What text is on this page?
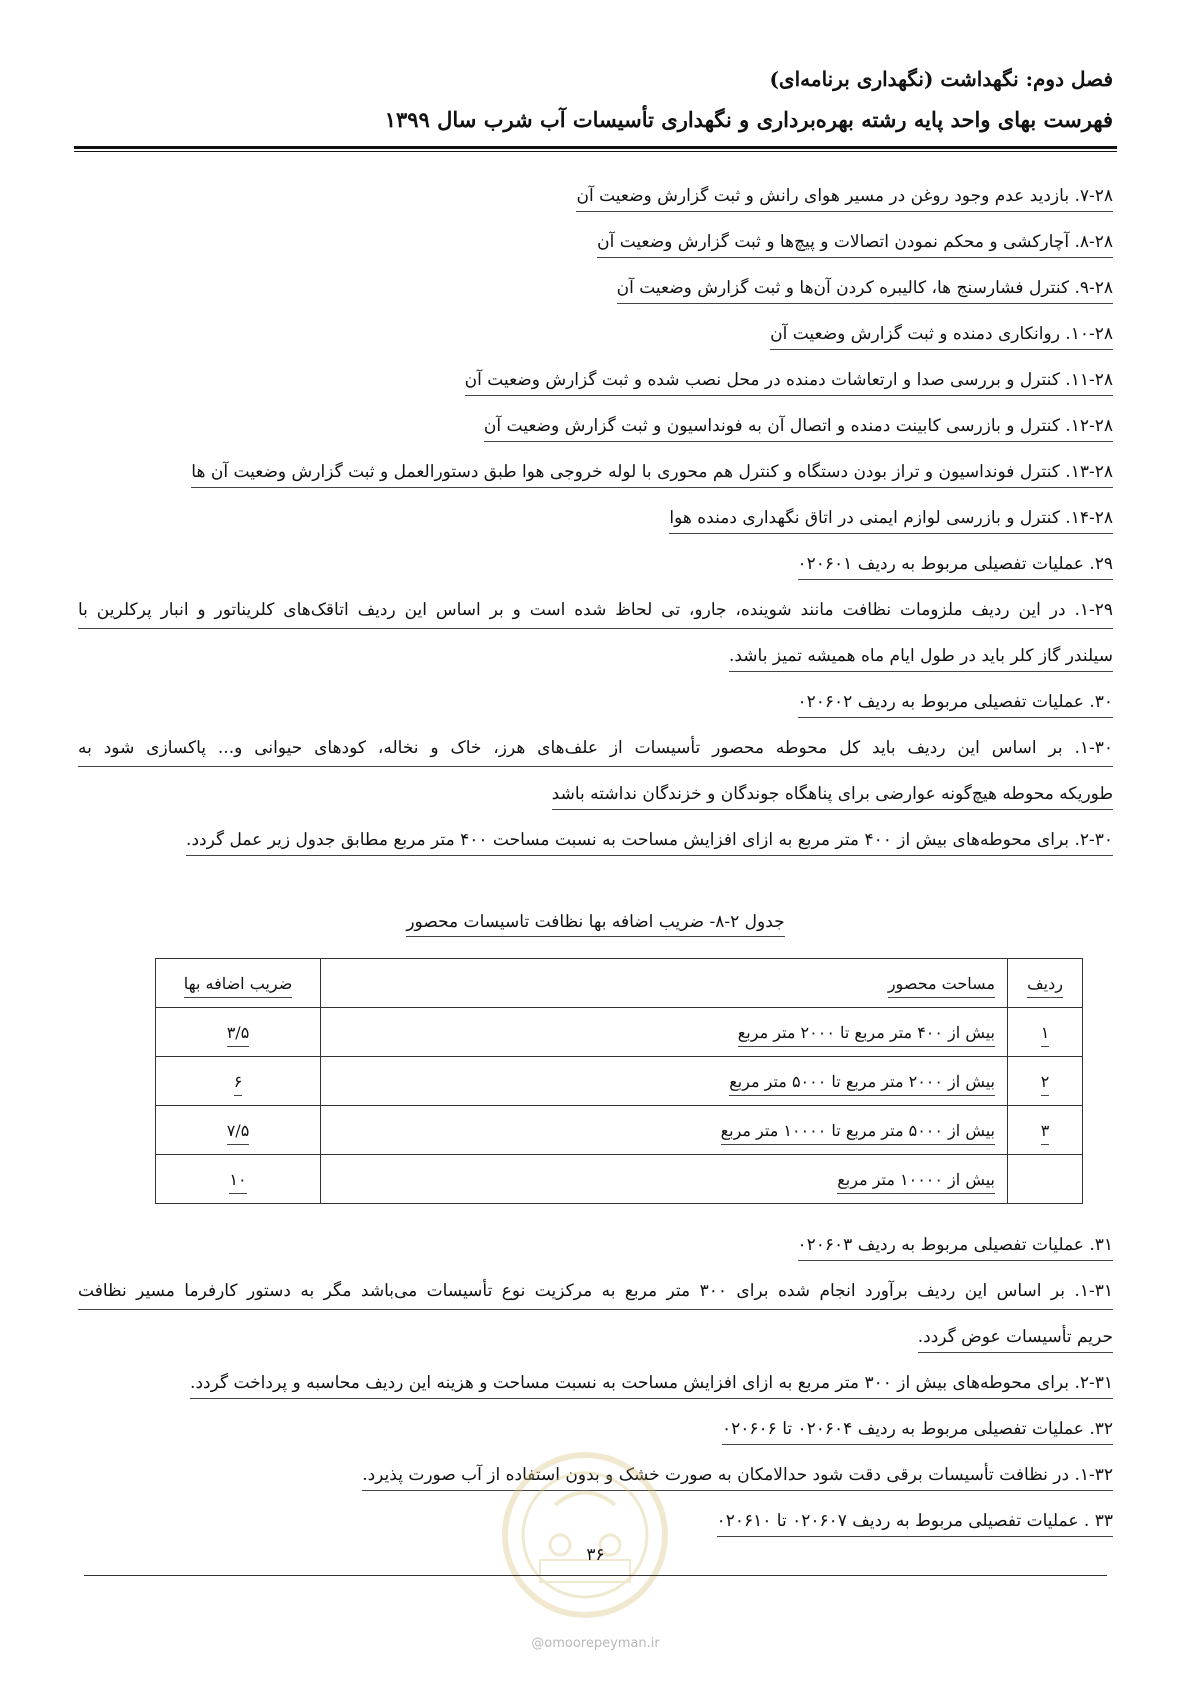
فصل دوم: نگهداشت (نگهداری برنامه‌ای)
فهرست بهای واحد پایه رشته بهره‌برداری و نگهداری تأسیسات آب شرب سال ۱۳۹۹
۷-۲۸. بازدید عدم وجود روغن در مسیر هوای رانش و ثبت گزارش وضعیت آن
۸-۲۸. آچارکشی و محکم نمودن اتصالات و پیچ‌ها و ثبت گزارش وضعیت آن
۹-۲۸. کنترل فشارسنج ها، کالیبره کردن آن‌ها و ثبت گزارش وضعیت آن
۱۰-۲۸. روانکاری دمنده و ثبت گزارش وضعیت آن
۱۱-۲۸. کنترل و بررسی صدا و ارتعاشات دمنده در محل نصب شده و ثبت گزارش وضعیت آن
۱۲-۲۸. کنترل و بازرسی کابینت دمنده و اتصال آن به فونداسیون و ثبت گزارش وضعیت آن
۱۳-۲۸. کنترل فونداسیون و تراز بودن دستگاه و کنترل هم محوری با لوله خروجی هوا طبق دستورالعمل و ثبت گزارش وضعیت آن ها
۱۴-۲۸. کنترل و بازرسی لوازم ایمنی در اتاق نگهداری دمنده هوا
۲۹. عملیات تفصیلی مربوط به ردیف ۰۲۰۶۰۱
۱-۲۹. در این ردیف ملزومات نظافت مانند شوینده، جارو، تی لحاظ شده است و بر اساس این ردیف اتاقک‌های کلریناتور و انبار پرکلرین با
سیلندر گاز کلر باید در طول ایام ماه همیشه تمیز باشد.
۳۰. عملیات تفصیلی مربوط به ردیف ۰۲۰۶۰۲
۱-۳۰. بر اساس این ردیف باید کل محوطه محصور تأسیسات از علف‌های هرز، خاک و نخاله، کودهای حیوانی و... پاکسازی شود به
طوریکه محوطه هیچ‌گونه عوارضی برای پناهگاه جوندگان و خزندگان نداشته باشد
۲-۳۰. برای محوطه‌های بیش از ۴۰۰ متر مربع به ازای افزایش مساحت به نسبت مساحت ۴۰۰ متر مربع مطابق جدول زیر عمل گردد.
جدول ۲-۸- ضریب اضافه بها نظافت تاسیسات محصور
ردیف	مساحت محصور	ضریب اضافه بها
۱	بیش از ۴۰۰ متر مربع تا ۲۰۰۰ متر مربع	۳/۵
۲	بیش از ۲۰۰۰ متر مربع تا ۵۰۰۰ متر مربع	۶
۳	بیش از ۵۰۰۰ متر مربع تا ۱۰۰۰۰ متر مربع	۷/۵
	بیش از ۱۰۰۰۰ متر مربع	۱۰
۳۱. عملیات تفصیلی مربوط به ردیف ۰۲۰۶۰۳
۱-۳۱. بر اساس این ردیف برآورد انجام شده برای ۳۰۰ متر مربع به مرکزیت نوع تأسیسات می‌باشد مگر به دستور کارفرما مسیر نظافت
حریم تأسیسات عوض گردد.
۲-۳۱. برای محوطه‌های بیش از ۳۰۰ متر مربع به ازای افزایش مساحت به نسبت مساحت و هزینه این ردیف محاسبه و پرداخت گردد.
۳۲. عملیات تفصیلی مربوط به ردیف ۰۲۰۶۰۴ تا ۰۲۰۶۰۶
۱-۳۲. در نظافت تأسیسات برقی دقت شود حدالامکان به صورت خشک و بدون استفاده از آب صورت پذیرد.
۳۳ . عملیات تفصیلی مربوط به ردیف ۰۲۰۶۰۷ تا ۰۲۰۶۱۰
۳۶
@omoorepeyman.ir
